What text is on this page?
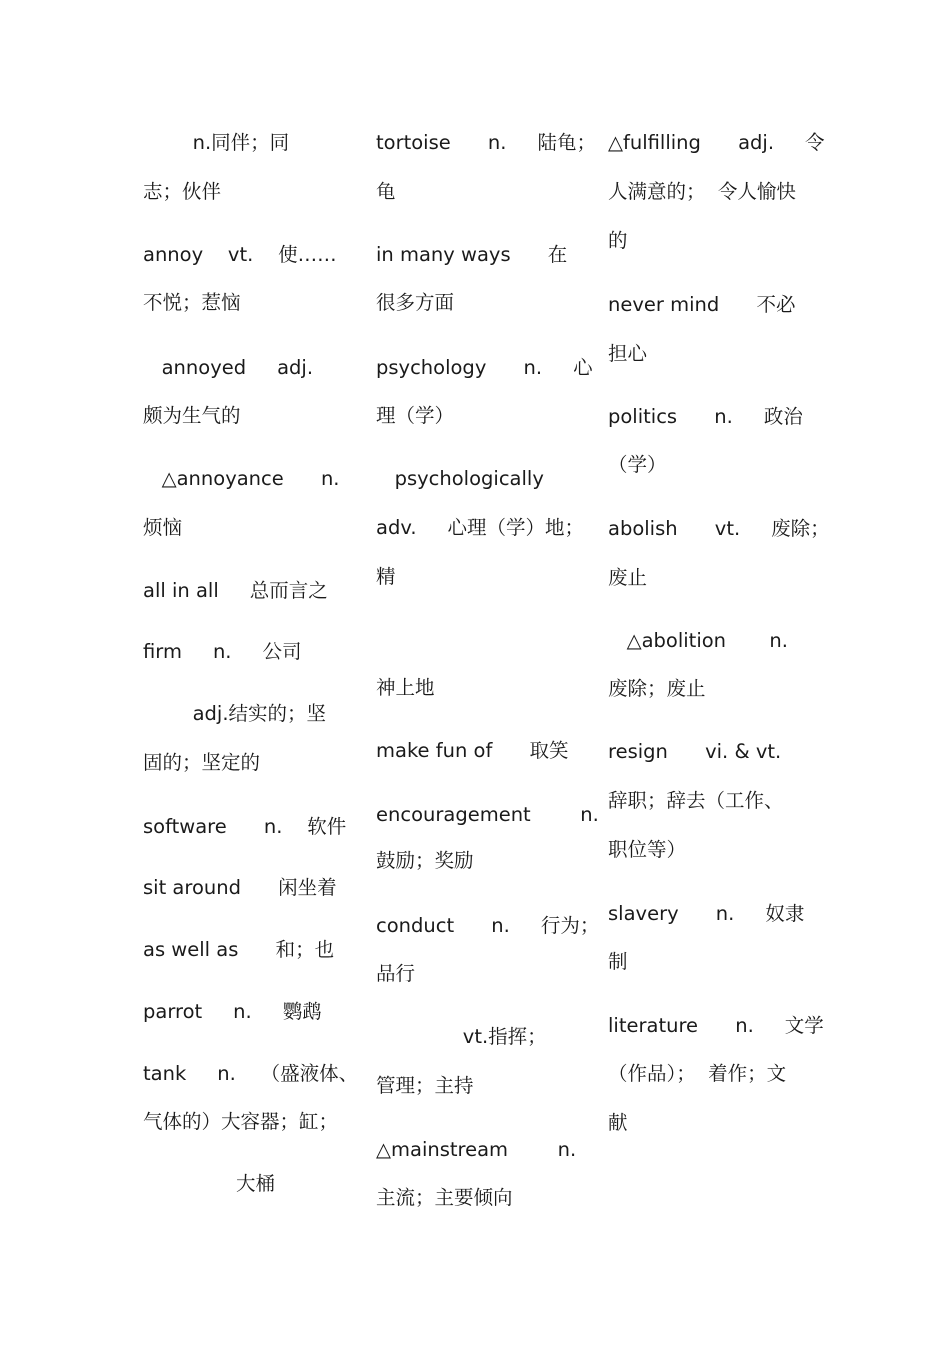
n.同伴；同
志；伙伴
annoy    vt.    使……
不悦；惹恼
annoyed     adj.
颇为生气的
△annoyance      n.
烦恼
all in all     总而言之
firm     n.     公司
adj.结实的；坚
固的；坚定的
software      n.    软件
sit around      闲坐着
as well as      和；也
parrot     n.     鹦鹉
tank     n.    （盛液体、
气体的）大容器；缸；
大桶
tortoise      n.     陆龟；
龟
in many ways      在
很多方面
psychology      n.     心
理（学）
psychologically
adv.     心理（学）地；
精
神上地
make fun of      取笑
encouragement        n.
鼓励；奖励
conduct      n.     行为；
品行
vt.指挥；
管理；主持
△mainstream        n.
主流；主要倾向
△fulfilling      adj.     令
人满意的；  令人愉快
的
never mind      不必
担心
politics      n.     政治
（学）
abolish      vt.     废除；
废止
△abolition       n.
废除；废止
resign      vi. & vt.
辞职；辞去（工作、
职位等）
slavery      n.     奴隶
制
literature      n.     文学
（作品）；  着作；文
献
